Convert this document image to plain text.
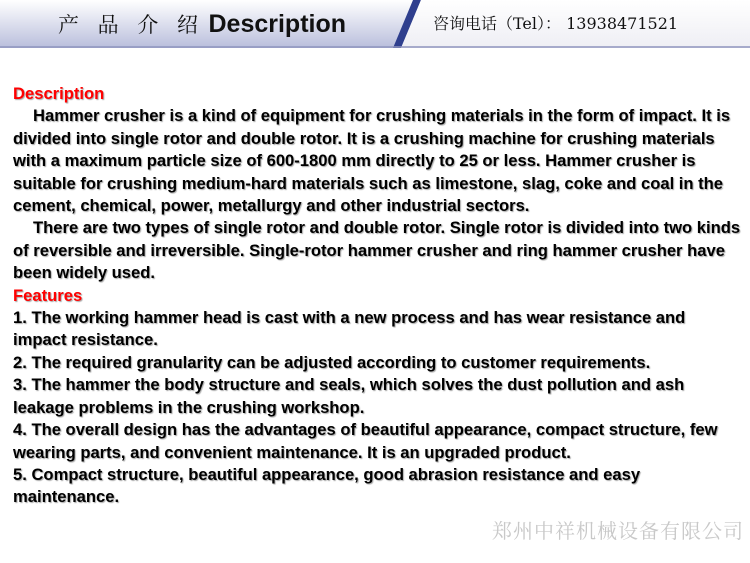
产 品 介 绍 Description	咨询电话（Tel）： 13938471521

Description

Hammer crusher is a kind of equipment for crushing materials in the form of impact. It is divided into single rotor and double rotor. It is a crushing machine for crushing materials with a maximum particle size of 600-1800 mm directly to 25 or less. Hammer crusher is suitable for crushing medium-hard materials such as limestone, slag, coke and coal in the cement, chemical, power, metallurgy and other industrial sectors.

There are two types of single rotor and double rotor. Single rotor is divided into two kinds of reversible and irreversible. Single-rotor hammer crusher and ring hammer crusher have been widely used.

Features

1. The working hammer head is cast with a new process and has wear resistance and impact resistance.

2. The required granularity can be adjusted according to customer requirements.

3. The hammer the body structure and seals, which solves the dust pollution and ash leakage problems in the crushing workshop.

4. The overall design has the advantages of beautiful appearance, compact structure, few wearing parts, and convenient maintenance. It is an upgraded product.

5. Compact structure, beautiful appearance, good abrasion resistance and easy maintenance.

郑州中祥机械设备有限公司
